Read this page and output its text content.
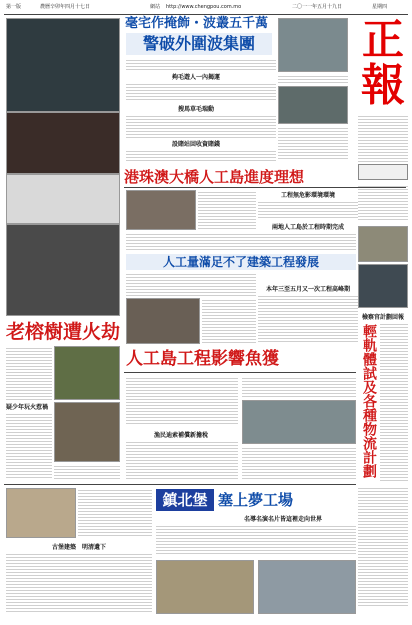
第一版	農曆辛卯年四月十七日	網站 http://www.chengpou.com.mo	二〇一一年五月十九日	星期四
毫宅作掩飾・波叢五千萬
警破外圍波集團
夠毛遊人一內揭運
搜馬草毛瑞動
設賭站回收資賭錢
正
報
港珠澳大橋人工島進度理想
工程無危影環境環境
兩地人工島於工程時期完成
人工量滿足不了建築工程發展
本年三至五月又一次工程高峰期
老榕樹遭火劫
疑少年玩火惹禍
人工島工程影響魚獲
漁民迪索補償新擔稅
檢察官計劃回報
輕軌體試及各種物流計劃
鎮北堡 塞上夢工場
名導名演名片皆這裡走向世界
古堡建築　明清遺下
